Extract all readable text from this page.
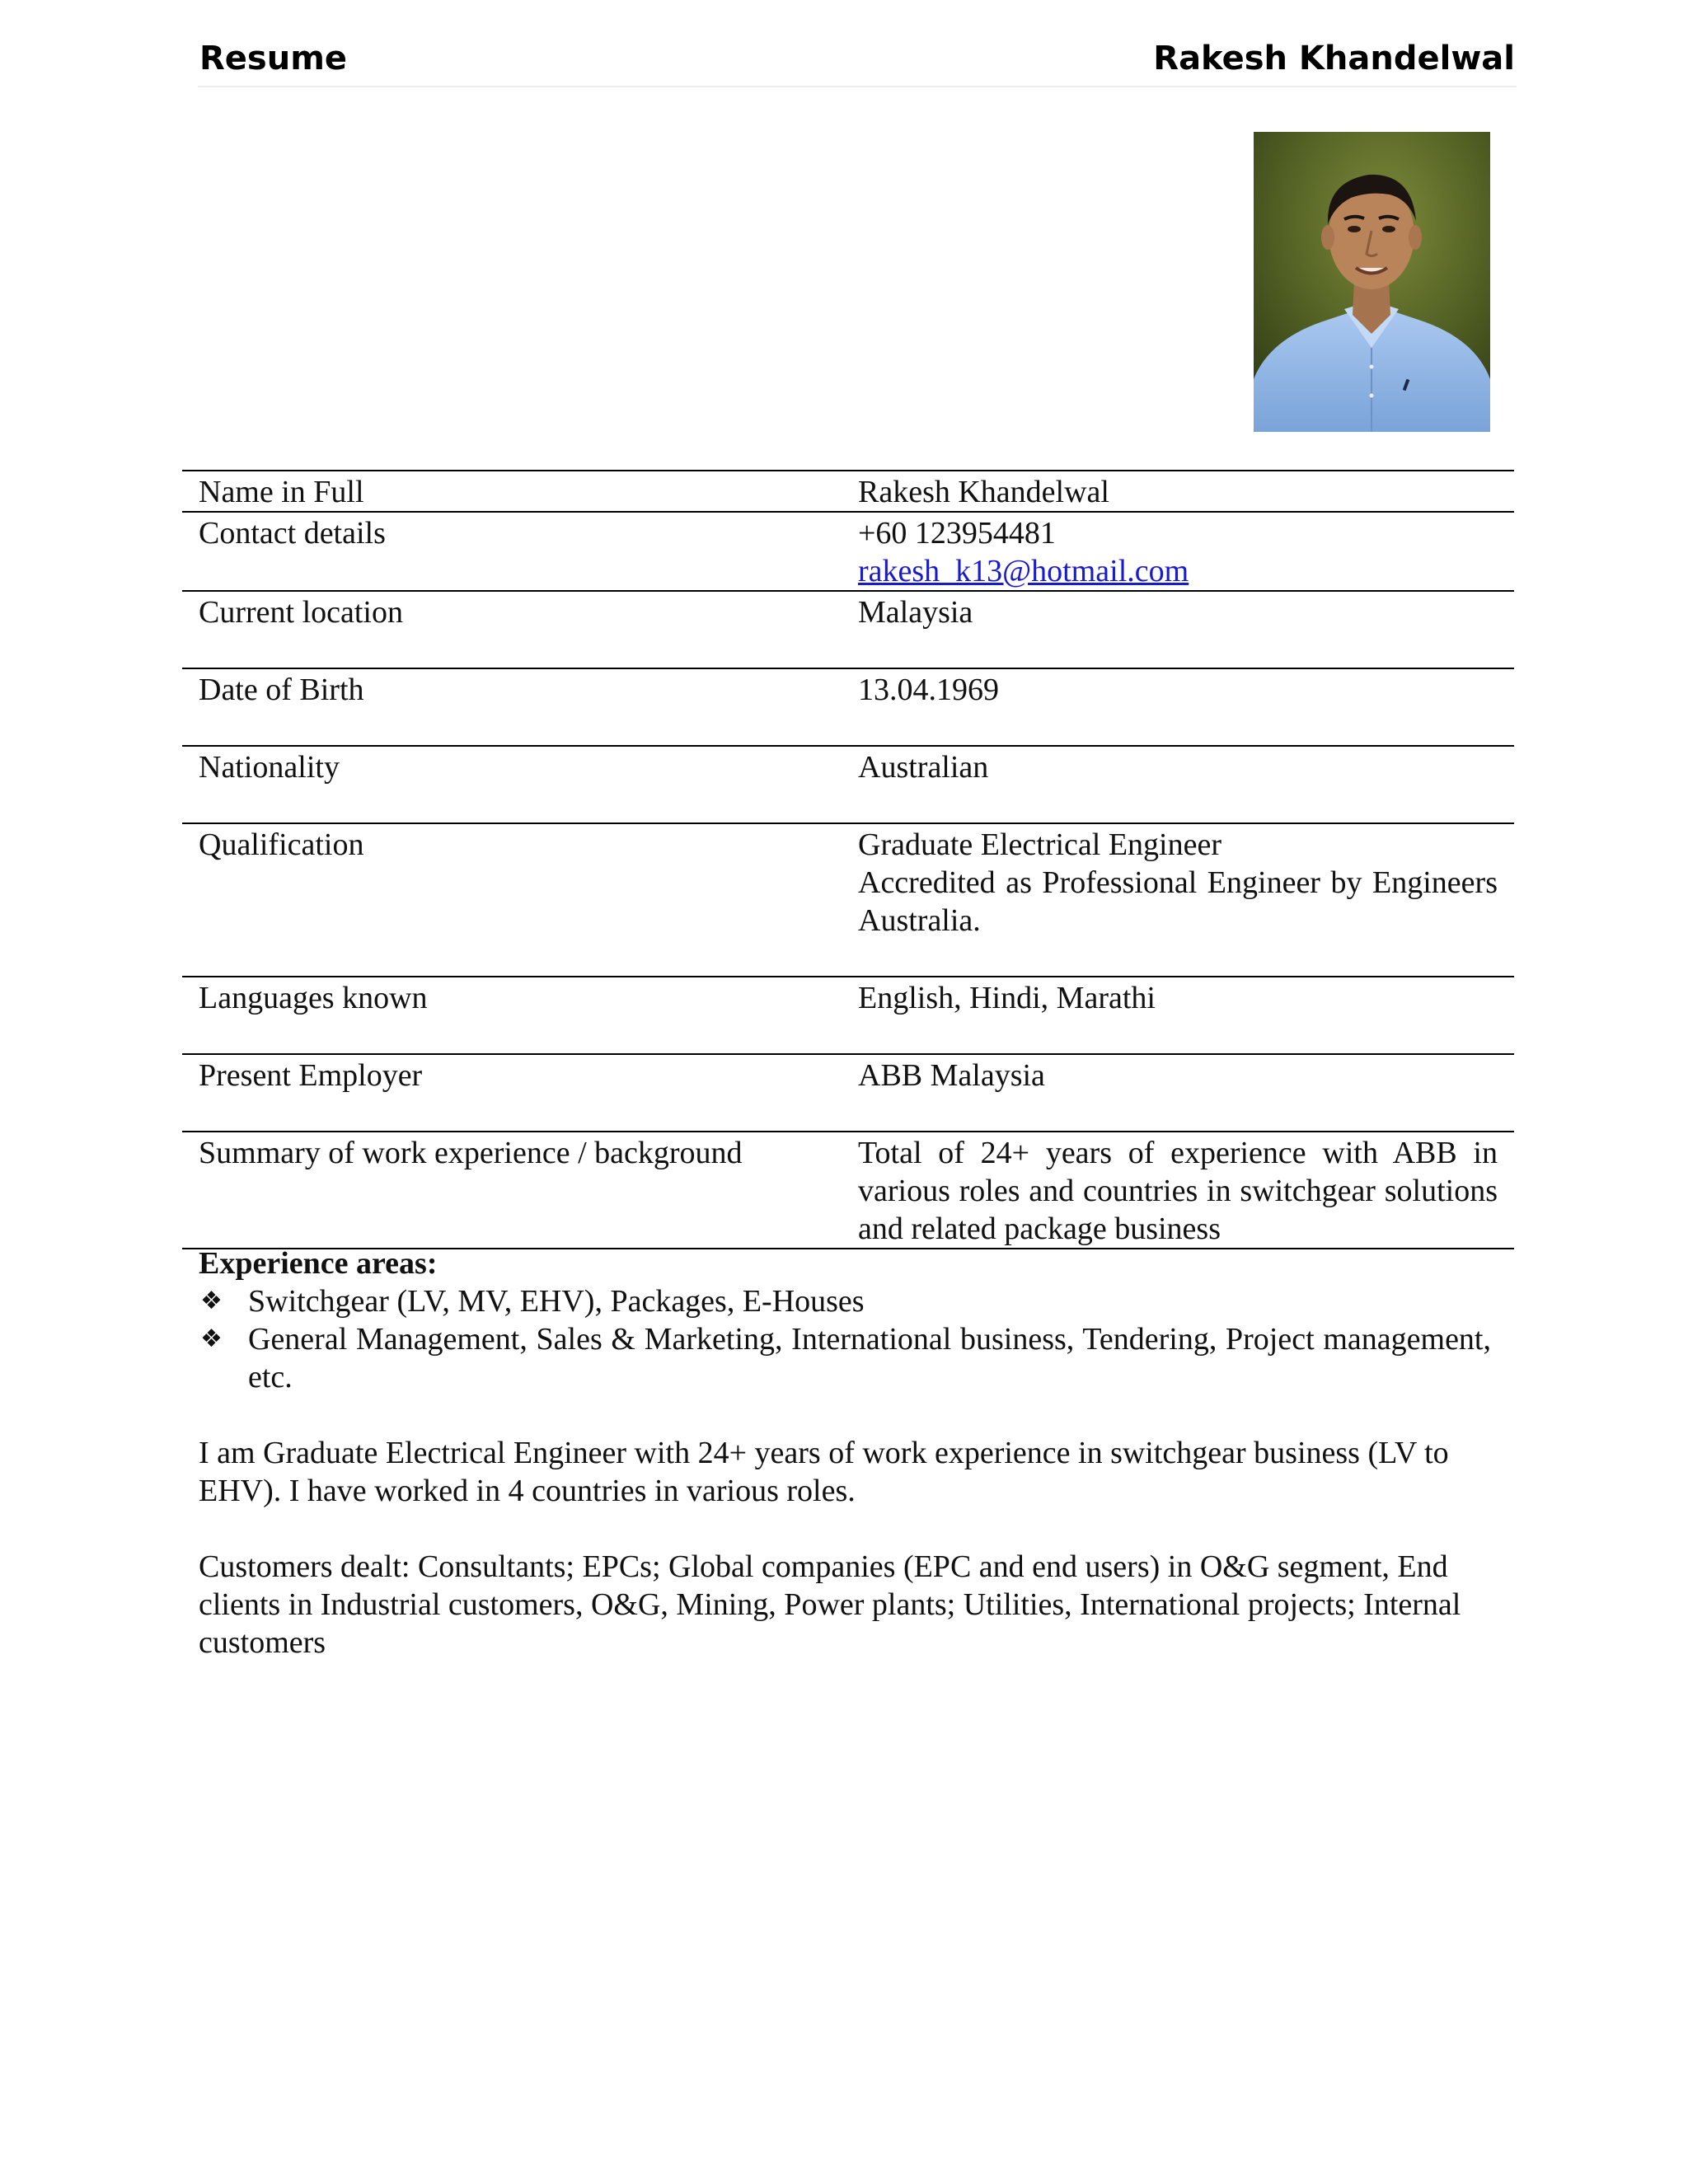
Resume	Rakesh Khandelwal
Name in Full	Rakesh Khandelwal
Contact details	+60 123954481
rakesh_k13@hotmail.com

Current location	Malaysia
Date of Birth	13.04.1969
Nationality	Australian
Qualification	Graduate Electrical Engineer
Accredited as Professional Engineer by Engineers Australia.

Languages known	English, Hindi, Marathi
Present Employer	ABB Malaysia
Summary of work experience / background	Total of 24+ years of experience with ABB in various roles and countries in switchgear solutions and related package business
Experience areas:
❖ Switchgear (LV, MV, EHV), Packages, E-Houses
❖ General Management, Sales & Marketing, International business, Tendering, Project management, etc.
I am Graduate Electrical Engineer with 24+ years of work experience in switchgear business (LV to EHV). I have worked in 4 countries in various roles.
Customers dealt: Consultants; EPCs; Global companies (EPC and end users) in O&G segment, End clients in Industrial customers, O&G, Mining, Power plants; Utilities, International projects; Internal customers
